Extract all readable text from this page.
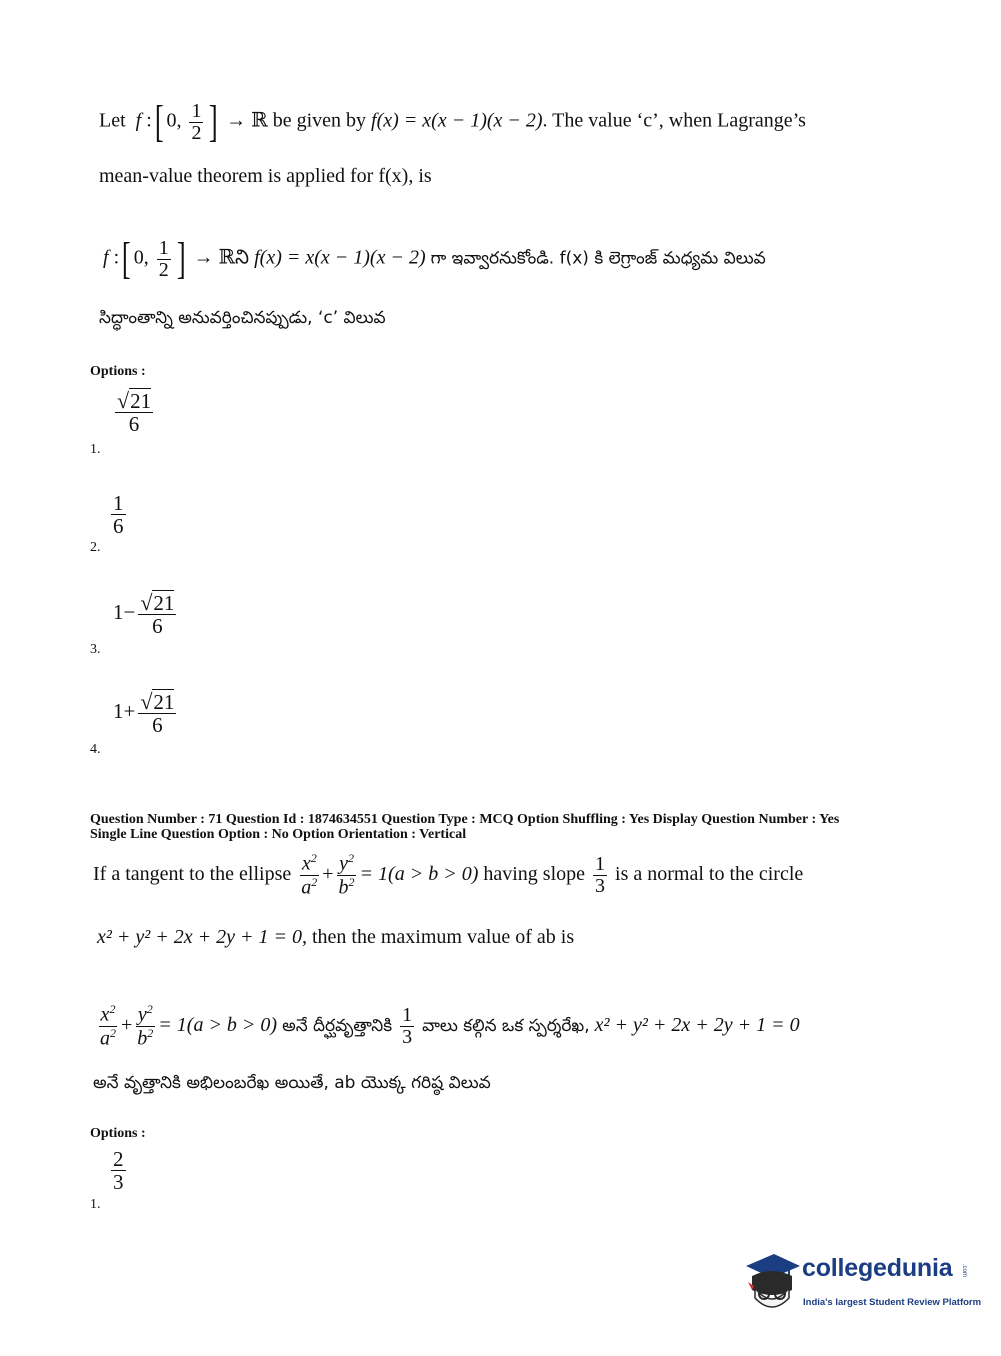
Let  f :[ 0, $\frac{1}{2}$ ] → ℝ be given by f(x) = x(x − 1)(x − 2). The value ‘c’, when Lagrange’s
mean-value theorem is applied for f(x), is
f :[ 0, $\frac{1}{2}$ ] → ℝని f(x) = x(x − 1)(x − 2) గా ఇవ్వారనుకోండి. f(x) కి లెగ్రాంజ్ మధ్యమ విలువ
సిద్ధాంతాన్ని అనువర్తించినప్పుడు, ‘c’ విలువ
Options :
$\frac{√21}{6}$
1.
$\frac{1}{6}$
2.
$1- \frac{√21}{6}$
3.
$1+ \frac{√21}{6}$
4.
Question Number : 71 Question Id : 1874634551 Question Type : MCQ Option Shuffling : Yes Display Question Number : Yes
Single Line Question Option : No Option Orientation : Vertical
If a tangent to the ellipse $\frac{x^2}{a^2} + \frac{y^2}{b^2} = 1(a > b > 0)$ having slope $\frac{1}{3}$ is a normal to the circle
x² + y² + 2x + 2y + 1 = 0, then the maximum value of ab is
$\frac{x^2}{a^2} + \frac{y^2}{b^2} = 1(a > b > 0)$ అనే దీర్ఘవృత్తానికి $\frac{1}{3}$ వాలు కల్గిన ఒక స్పర్శరేఖ, x² + y² + 2x + 2y + 1 = 0
అనే వృత్తానికి అభిలంబరేఖ అయితే, ab యొక్క గరిష్ఠ విలువ
Options :
$\frac{2}{3}$
1.
collegedunia .com
India's largest Student Review Platform
